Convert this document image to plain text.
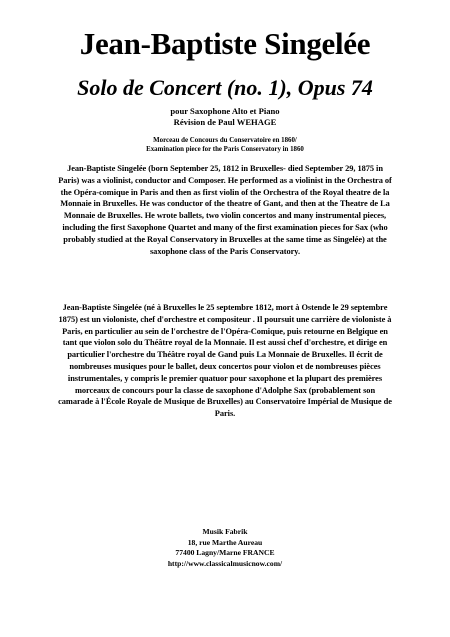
Jean-Baptiste Singelée
Solo de Concert (no. 1), Opus 74
pour Saxophone Alto et Piano
Révision de Paul WEHAGE
Morceau de Concours du Conservatoire en 1860/
Examination piece for the Paris Conservatory in 1860
Jean-Baptiste Singelée (born September 25, 1812 in Bruxelles- died September 29, 1875 in Paris) was a violinist, conductor and Composer. He performed as a violinist in the Orchestra of the Opéra-comique in Paris and then as first violin of the Orchestra of the Royal theatre de la Monnaie in Bruxelles. He was conductor of the theatre of Gant, and then at the Theatre de La Monnaie de Bruxelles. He wrote ballets, two violin concertos and many instrumental pieces, including the first Saxophone Quartet and many of the first examination pieces for Sax (who probably studied at the Royal Conservatory in Bruxelles at the same time as Singelée) at the saxophone class of the Paris Conservatory.
Jean-Baptiste Singelée (né à Bruxelles le 25 septembre 1812, mort à Ostende le 29 septembre 1875) est un violoniste, chef d'orchestre et compositeur . Il poursuit une carrière de violoniste à Paris, en particulier au sein de l'orchestre de l'Opéra-Comique, puis retourne en Belgique en tant que violon solo du Théâtre royal de la Monnaie. Il est aussi chef d'orchestre, et dirige en particulier l'orchestre du Théâtre royal de Gand puis La Monnaie de Bruxelles. Il écrit de nombreuses musiques pour le ballet, deux concertos pour violon et de nombreuses pièces instrumentales, y compris le premier quatuor pour saxophone et la plupart des premières morceaux de concours pour la classe de saxophone d'Adolphe Sax (probablement son camarade à l'École Royale de Musique de Bruxelles) au Conservatoire Impérial de Musique de Paris.
Musik Fabrik
18, rue Marthe Aureau
77400 Lagny/Marne FRANCE
http://www.classicalmusicnow.com/
